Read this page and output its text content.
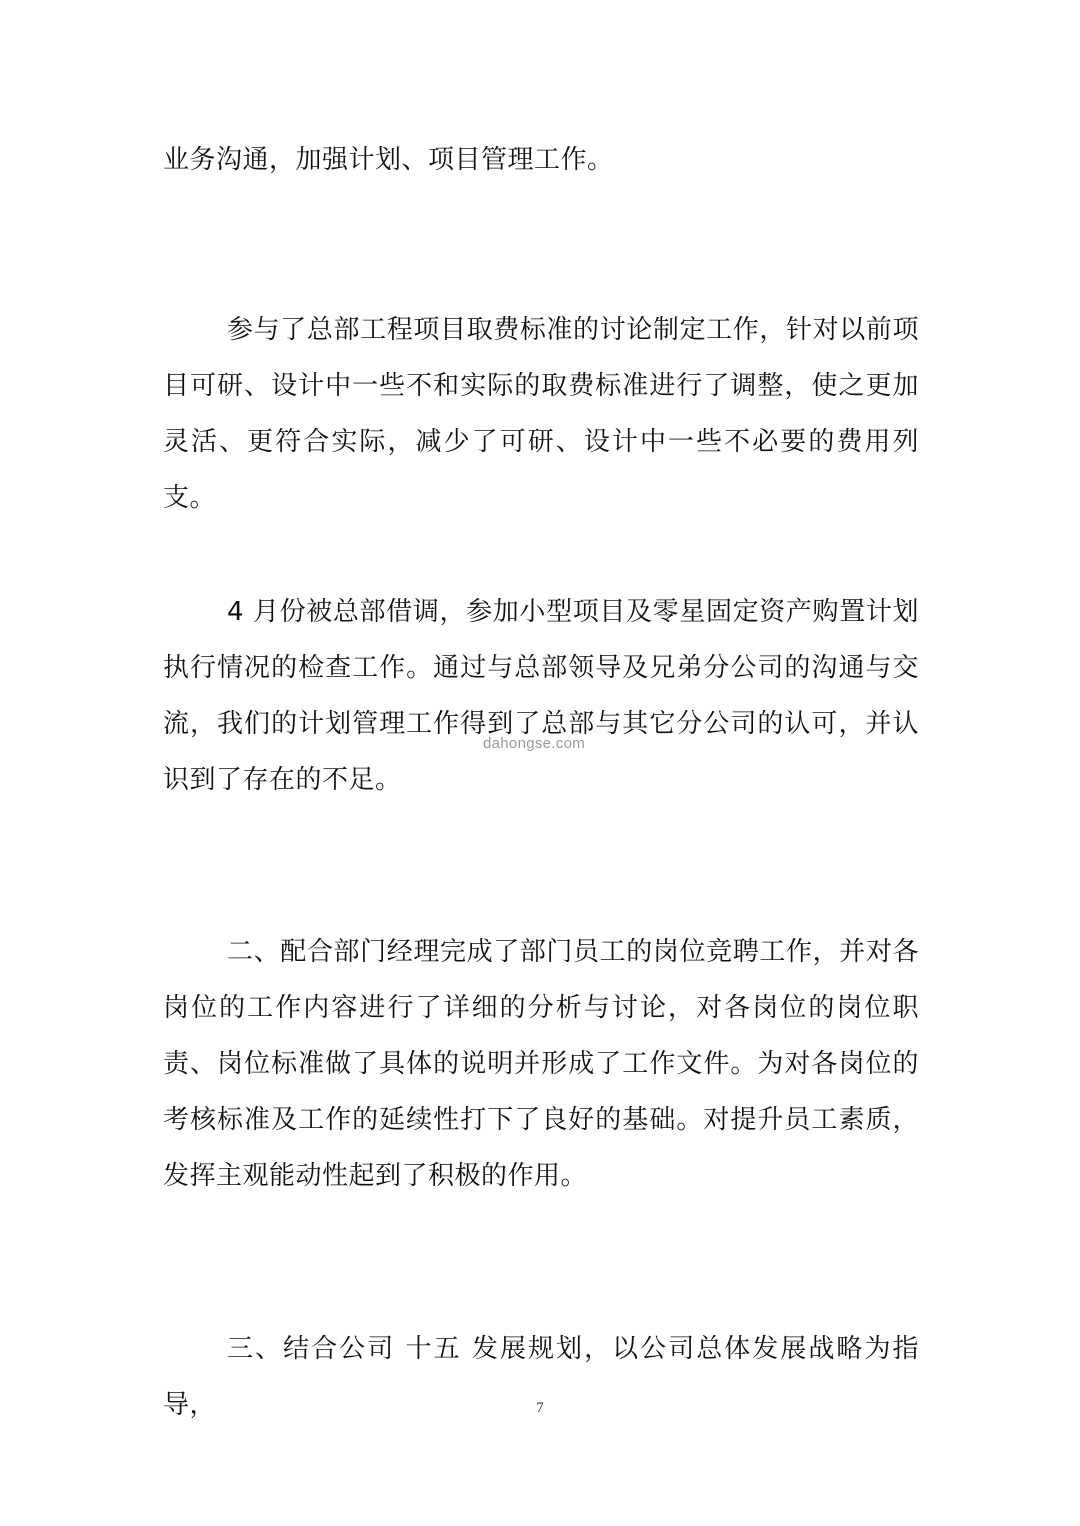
业务沟通，加强计划、项目管理工作。

参与了总部工程项目取费标准的讨论制定工作，针对以前项目可研、设计中一些不和实际的取费标准进行了调整，使之更加灵活、更符合实际，减少了可研、设计中一些不必要的费用列支。

4 月份被总部借调，参加小型项目及零星固定资产购置计划执行情况的检查工作。通过与总部领导及兄弟分公司的沟通与交流，我们的计划管理工作得到了总部与其它分公司的认可，并认识到了存在的不足。

二、配合部门经理完成了部门员工的岗位竞聘工作，并对各岗位的工作内容进行了详细的分析与讨论，对各岗位的岗位职责、岗位标准做了具体的说明并形成了工作文件。为对各岗位的考核标准及工作的延续性打下了良好的基础。对提升员工素质，发挥主观能动性起到了积极的作用。

三、结合公司 十五 发展规划，以公司总体发展战略为指导，

dahongse.com
7
